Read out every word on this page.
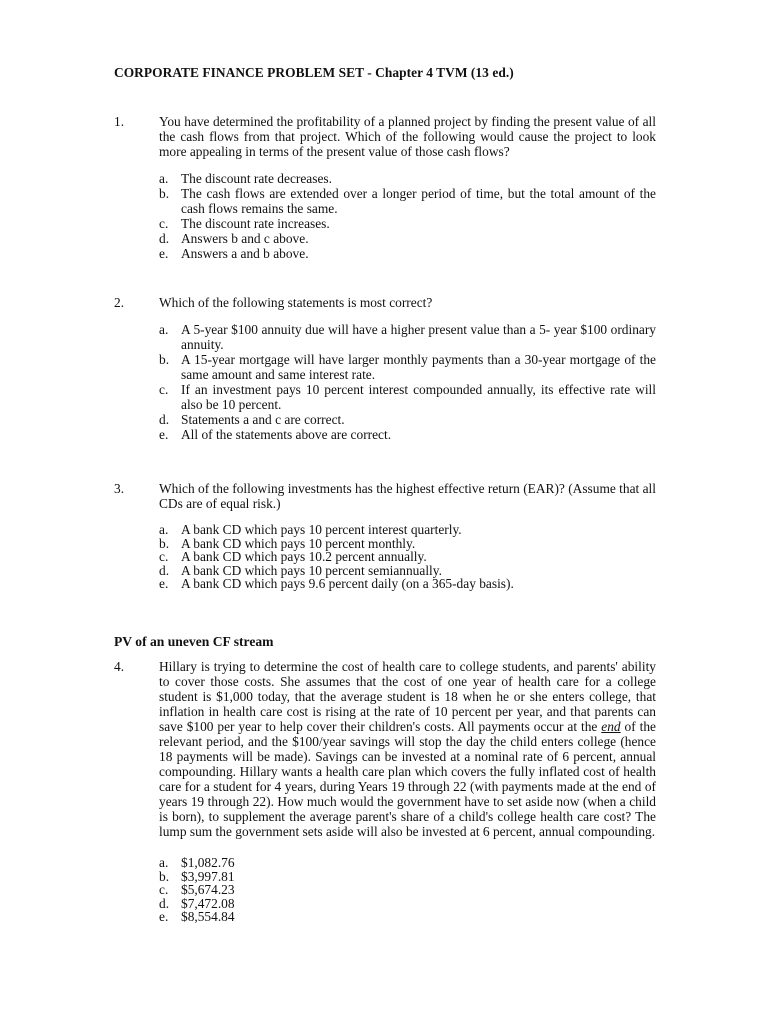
CORPORATE FINANCE PROBLEM SET - Chapter 4 TVM (13 ed.)
1.	You have determined the profitability of a planned project by finding the present value of all the cash flows from that project. Which of the following would cause the project to look more appealing in terms of the present value of those cash flows?
a. The discount rate decreases.
b. The cash flows are extended over a longer period of time, but the total amount of the cash flows remains the same.
c. The discount rate increases.
d. Answers b and c above.
e. Answers a and b above.
2.	Which of the following statements is most correct?
a. A 5-year $100 annuity due will have a higher present value than a 5- year $100 ordinary annuity.
b. A 15-year mortgage will have larger monthly payments than a 30-year mortgage of the same amount and same interest rate.
c. If an investment pays 10 percent interest compounded annually, its effective rate will also be 10 percent.
d. Statements a and c are correct.
e. All of the statements above are correct.
3.	Which of the following investments has the highest effective return (EAR)? (Assume that all CDs are of equal risk.)
a. A bank CD which pays 10 percent interest quarterly.
b. A bank CD which pays 10 percent monthly.
c. A bank CD which pays 10.2 percent annually.
d. A bank CD which pays 10 percent semiannually.
e. A bank CD which pays 9.6 percent daily (on a 365-day basis).
PV of an uneven CF stream
4.	Hillary is trying to determine the cost of health care to college students, and parents' ability to cover those costs. She assumes that the cost of one year of health care for a college student is $1,000 today, that the average student is 18 when he or she enters college, that inflation in health care cost is rising at the rate of 10 percent per year, and that parents can save $100 per year to help cover their children's costs. All payments occur at the end of the relevant period, and the $100/year savings will stop the day the child enters college (hence 18 payments will be made). Savings can be invested at a nominal rate of 6 percent, annual compounding. Hillary wants a health care plan which covers the fully inflated cost of health care for a student for 4 years, during Years 19 through 22 (with payments made at the end of years 19 through 22). How much would the government have to set aside now (when a child is born), to supplement the average parent's share of a child's college health care cost? The lump sum the government sets aside will also be invested at 6 percent, annual compounding.
a. $1,082.76
b. $3,997.81
c. $5,674.23
d. $7,472.08
e. $8,554.84
